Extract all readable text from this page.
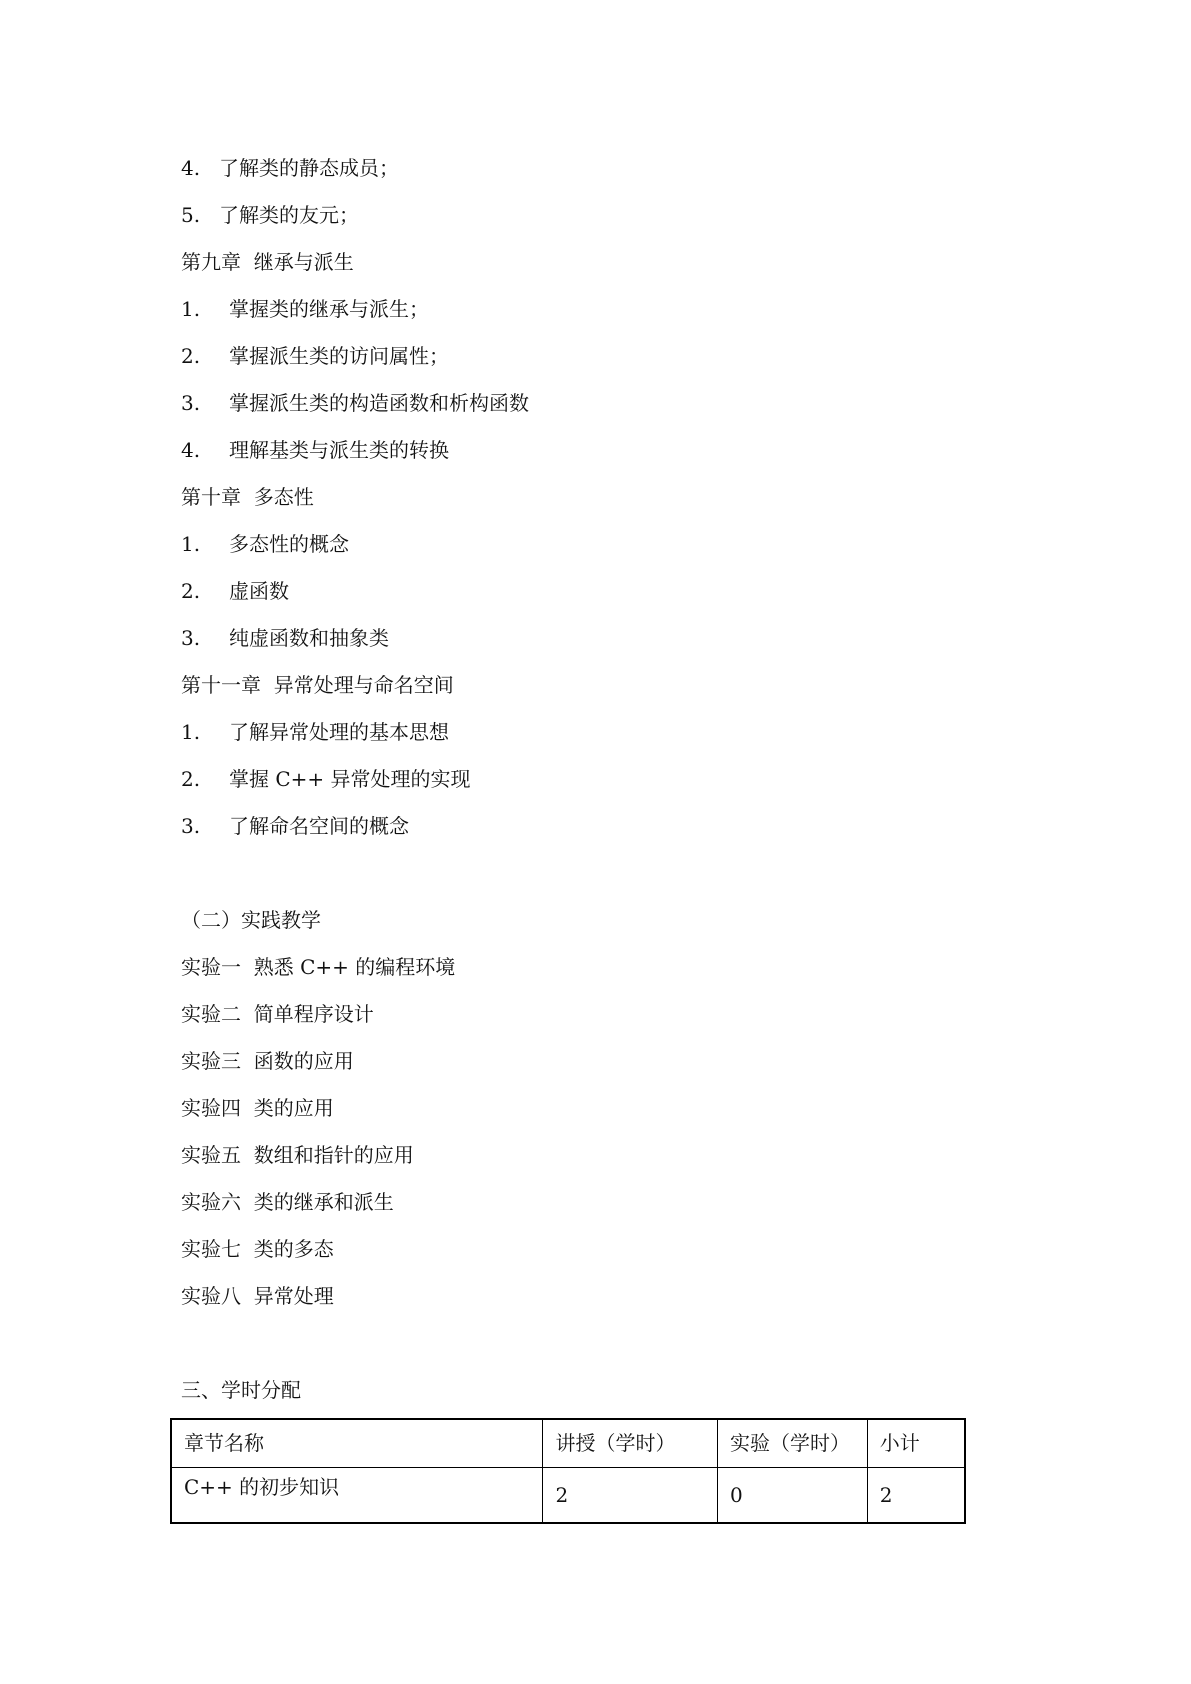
4. 了解类的静态成员；
5. 了解类的友元；
第九章  继承与派生
1. 掌握类的继承与派生；
2. 掌握派生类的访问属性；
3. 掌握派生类的构造函数和析构函数
4. 理解基类与派生类的转换
第十章  多态性
1. 多态性的概念
2. 虚函数
3. 纯虚函数和抽象类
第十一章  异常处理与命名空间
1. 了解异常处理的基本思想
2. 掌握 C++ 异常处理的实现
3. 了解命名空间的概念
（二）实践教学
实验一  熟悉 C++ 的编程环境
实验二  简单程序设计
实验三  函数的应用
实验四  类的应用
实验五  数组和指针的应用
实验六  类的继承和派生
实验七  类的多态
实验八  异常处理
三、学时分配
章节名称	讲授（学时）	实验（学时）	小计
C++ 的初步知识	2	0	2
